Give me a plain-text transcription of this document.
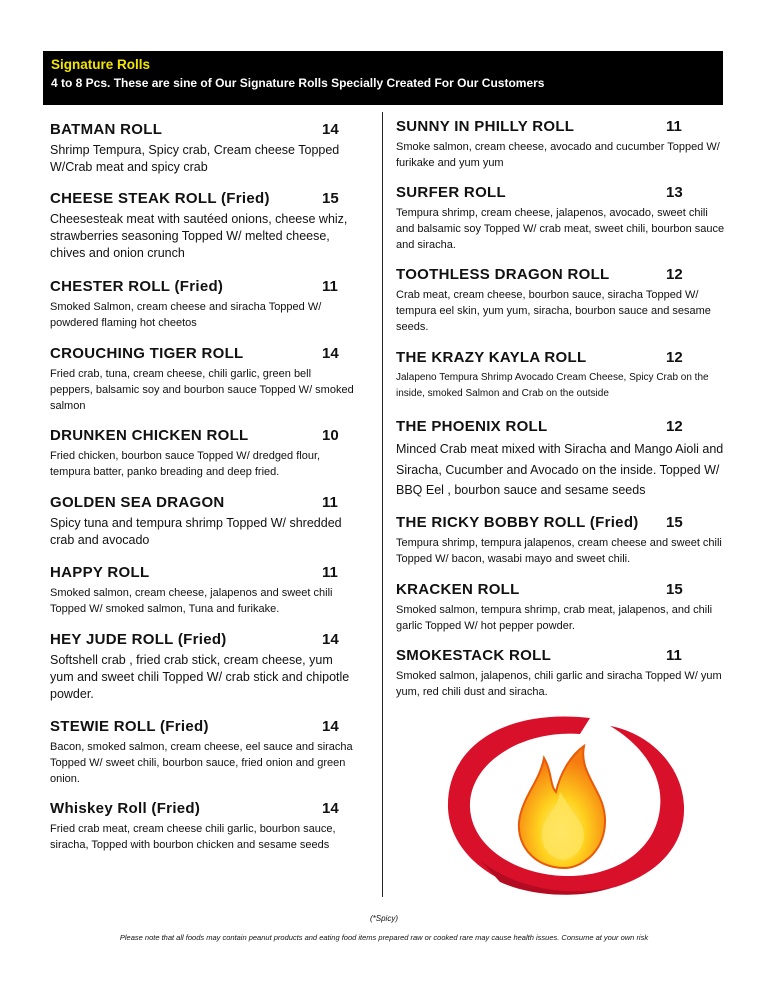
Signature Rolls
4 to 8 Pcs. These are sine of Our Signature Rolls Specially Created For Our Customers
BATMAN ROLL	14
Shrimp Tempura, Spicy crab, Cream cheese Topped W/Crab meat and spicy crab
CHEESE STEAK ROLL (Fried)	15
Cheesesteak meat with sautéed onions, cheese whiz, strawberries seasoning Topped W/ melted cheese, chives and onion crunch
CHESTER ROLL (Fried)	11
Smoked Salmon, cream cheese and siracha Topped W/ powdered flaming hot cheetos
CROUCHING TIGER ROLL	14
Fried crab, tuna, cream cheese, chili garlic, green bell peppers, balsamic soy and bourbon sauce Topped W/ smoked salmon
DRUNKEN CHICKEN ROLL	10
Fried chicken, bourbon sauce Topped W/ dredged flour, tempura batter, panko breading and deep fried.
GOLDEN SEA DRAGON	11
Spicy tuna and tempura shrimp Topped W/ shredded crab and avocado
HAPPY ROLL	11
Smoked salmon, cream cheese, jalapenos and sweet chili Topped W/ smoked salmon, Tuna and furikake.
HEY JUDE ROLL (Fried)	14
Softshell crab , fried crab stick, cream cheese, yum yum and sweet chili Topped W/ crab stick and chipotle powder.
STEWIE ROLL (Fried)	14
Bacon, smoked salmon, cream cheese, eel sauce and siracha Topped W/ sweet chili, bourbon sauce, fried onion and green onion.
Whiskey Roll (Fried)	14
Fried crab meat, cream cheese chili garlic, bourbon sauce, siracha, Topped with bourbon chicken and sesame seeds
SUNNY IN PHILLY ROLL	11
Smoke salmon, cream cheese, avocado and cucumber Topped W/ furikake and yum yum
SURFER ROLL	13
Tempura shrimp, cream cheese, jalapenos, avocado, sweet chili and balsamic soy Topped W/ crab meat, sweet chili, bourbon sauce and siracha.
TOOTHLESS DRAGON ROLL	12
Crab meat, cream cheese, bourbon sauce, siracha Topped W/ tempura eel skin, yum yum, siracha, bourbon sauce and sesame seeds.
THE KRAZY KAYLA ROLL	12
Jalapeno Tempura Shrimp Avocado Cream Cheese, Spicy Crab on the inside, smoked Salmon and Crab on the outside
THE PHOENIX ROLL	12
Minced Crab meat mixed with Siracha and Mango Aioli and Siracha, Cucumber and Avocado on the inside. Topped W/ BBQ Eel , bourbon sauce and sesame seeds
THE RICKY BOBBY ROLL (Fried) 15
Tempura shrimp, tempura jalapenos, cream cheese and sweet chili Topped W/ bacon, wasabi mayo and sweet chili.
KRACKEN ROLL	15
Smoked salmon, tempura shrimp, crab meat, jalapenos, and chili garlic Topped W/ hot pepper powder.
SMOKESTACK ROLL	11
Smoked salmon, jalapenos, chili garlic and siracha Topped W/ yum yum, red chili dust and siracha.
(*Spicy)
Please note that all foods may contain peanut products and eating food items prepared raw or cooked rare may cause health issues. Consume at your own risk
